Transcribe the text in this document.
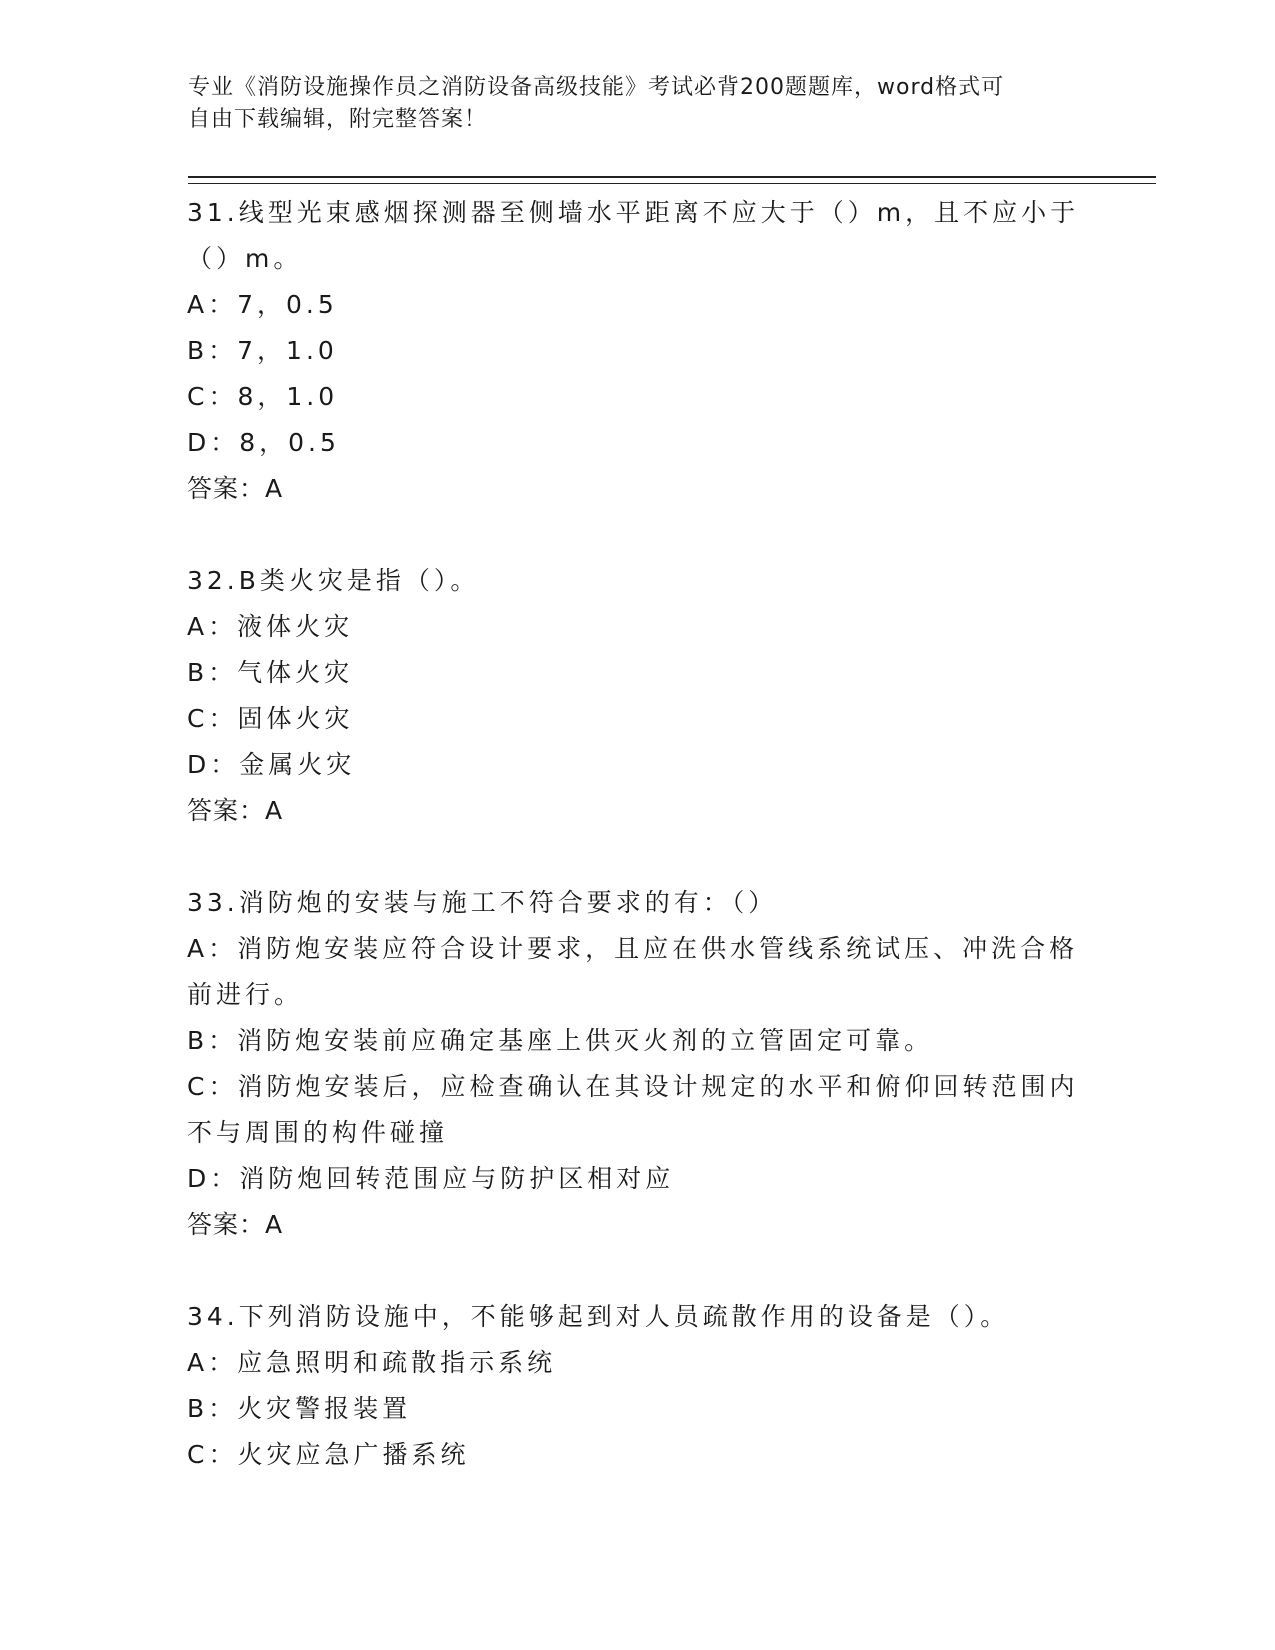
专业《消防设施操作员之消防设备高级技能》考试必背200题题库，word格式可
自由下载编辑，附完整答案！
31.线型光束感烟探测器至侧墙水平距离不应大于（）m，且不应小于
（）m。
A：7，0.5
B：7，1.0
C：8，1.0
D：8，0.5
答案：A
32.B类火灾是指（）。
A：液体火灾
B：气体火灾
C：固体火灾
D：金属火灾
答案：A
33.消防炮的安装与施工不符合要求的有：（）
A：消防炮安装应符合设计要求，且应在供水管线系统试压、冲洗合格
前进行。
B：消防炮安装前应确定基座上供灭火剂的立管固定可靠。
C：消防炮安装后，应检查确认在其设计规定的水平和俯仰回转范围内
不与周围的构件碰撞
D：消防炮回转范围应与防护区相对应
答案：A
34.下列消防设施中，不能够起到对人员疏散作用的设备是（）。
A：应急照明和疏散指示系统
B：火灾警报装置
C：火灾应急广播系统
